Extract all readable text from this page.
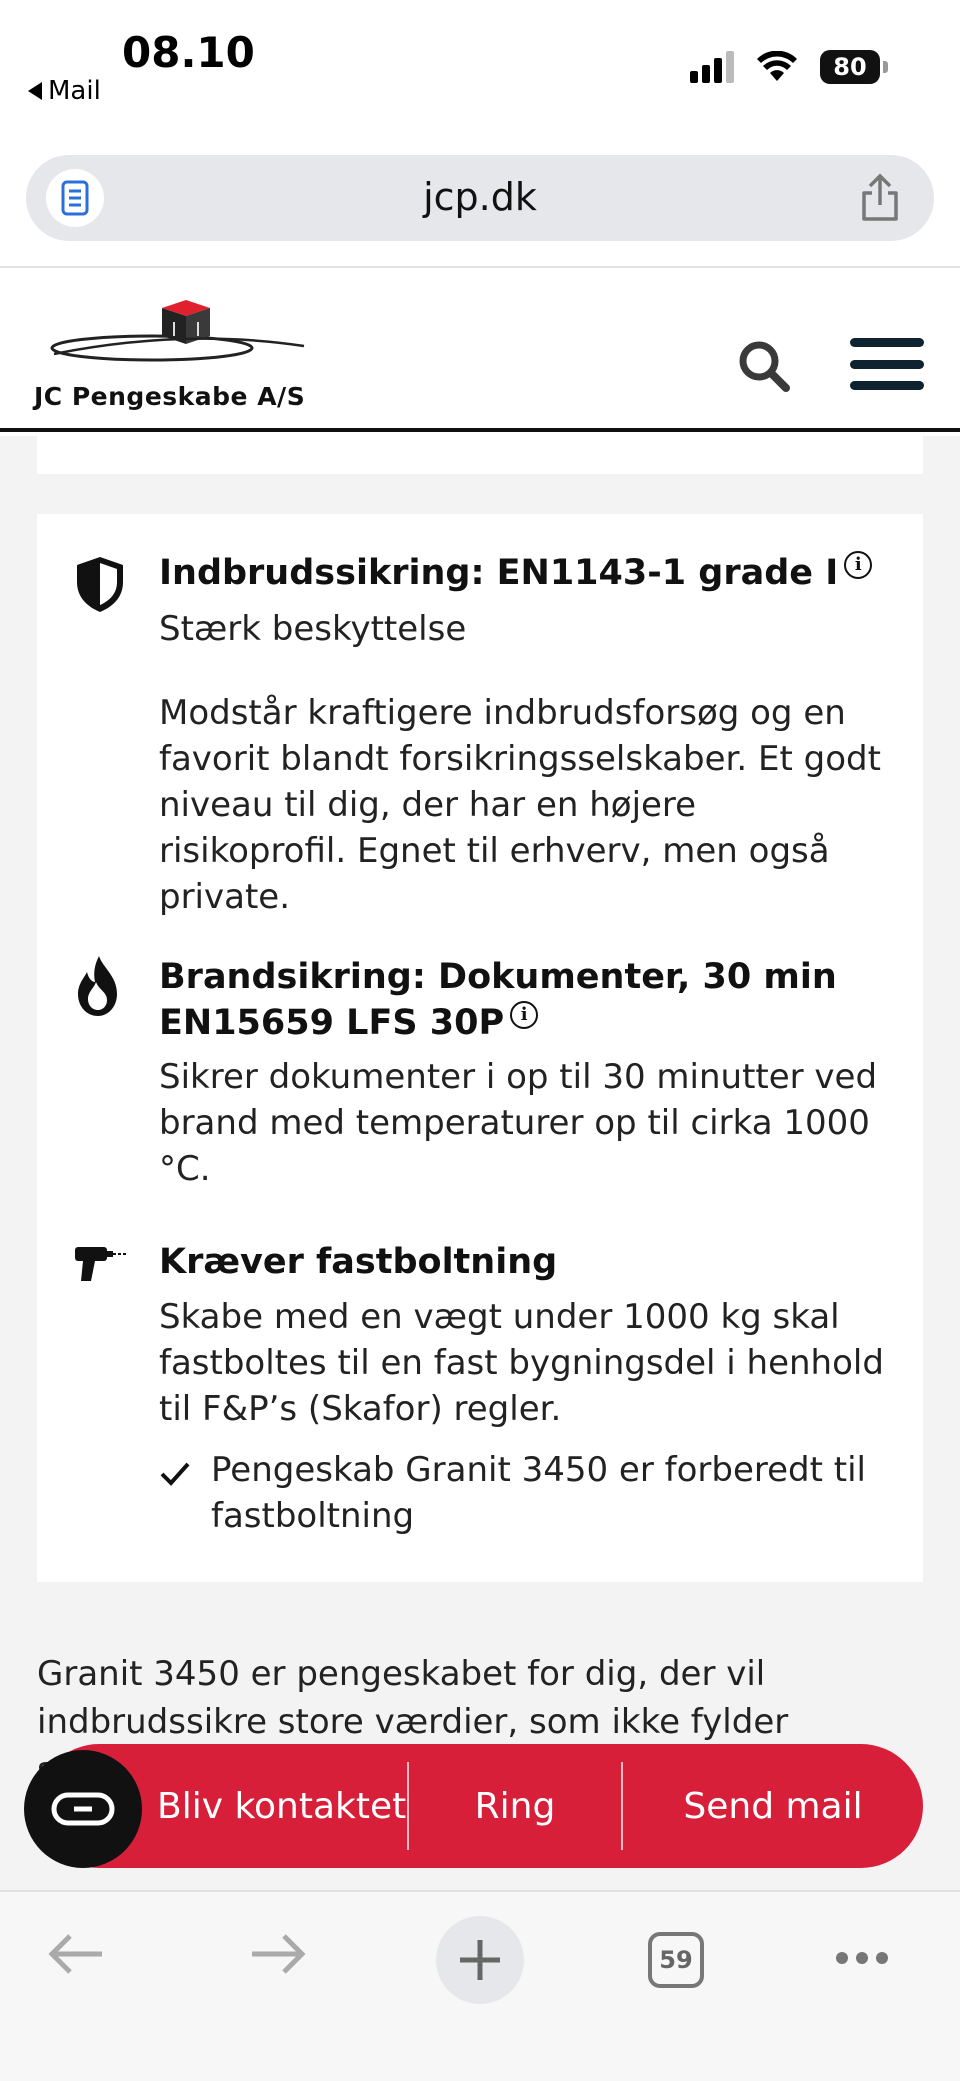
08.10
Mail
80
jcp.dk
JC Pengeskabe A/S
Indbrudssikring: EN1143-1 grade I i
Stærk beskyttelse
Modstår kraftigere indbrudsforsøg og en favorit blandt forsikringsselskaber. Et godt niveau til dig, der har en højere risikoprofil. Egnet til erhverv, men også private.
Brandsikring: Dokumenter, 30 min
EN15659 LFS 30P i
Sikrer dokumenter i op til 30 minutter ved brand med temperaturer op til cirka 1000 °C.
Kræver fastboltning
Skabe med en vægt under 1000 kg skal fastboltes til en fast bygningsdel i henhold til F&P’s (Skafor) regler.
Pengeskab Granit 3450 er forberedt til fastboltning
Granit 3450 er pengeskabet for dig, der vil indbrudssikre store værdier, som ikke fylder
Bliv kontaktet	Ring	Send mail
59
